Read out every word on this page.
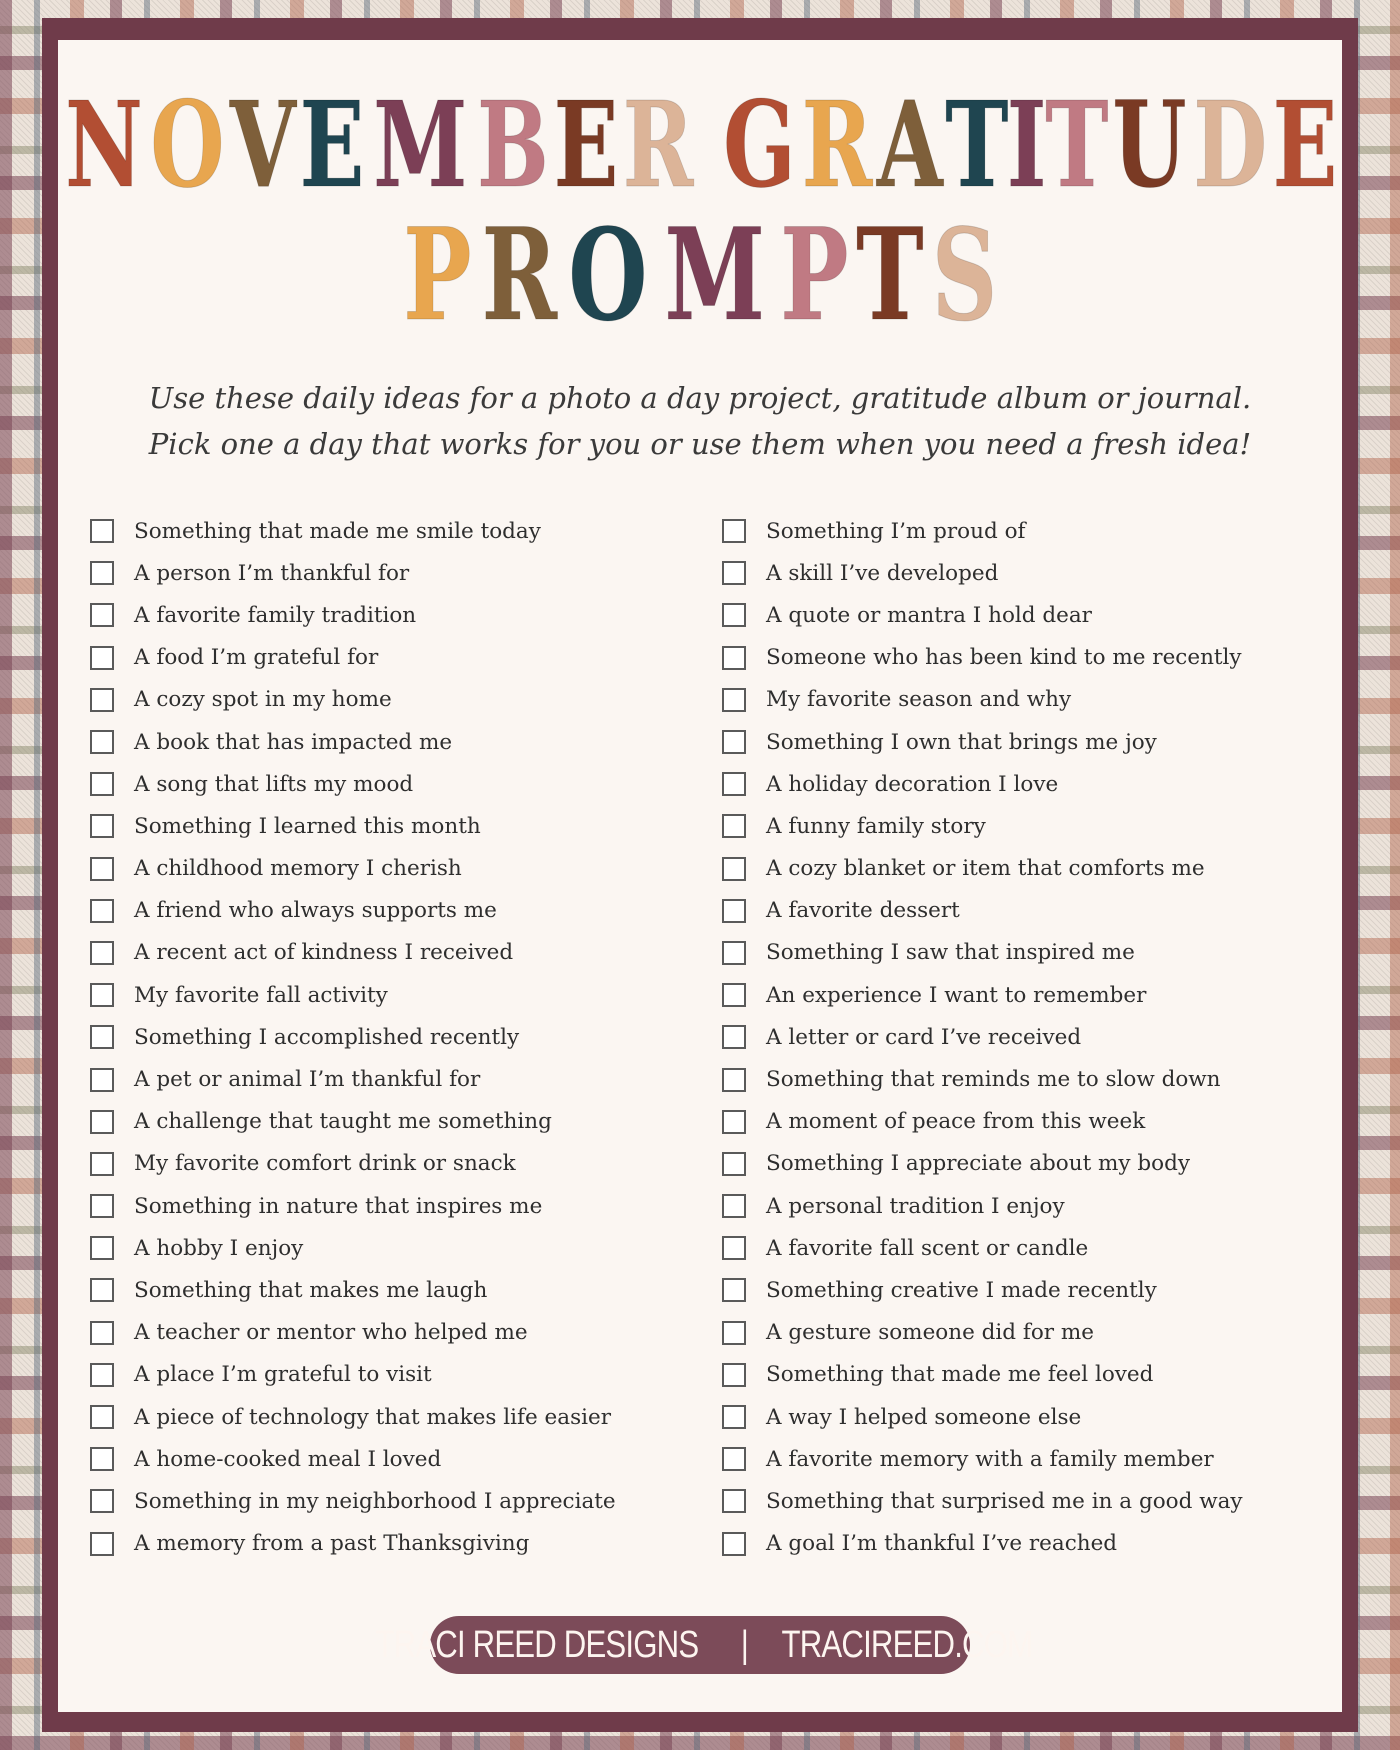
NOVEMBER GRATITUDE
PRO M PTS
Use these daily ideas for a photo a day project, gratitude album or journal. Pick one a day that works for you or use them when you need a fresh idea!
Something that made me smile today
A person I’m thankful for
A favorite family tradition
A food I’m grateful for
A cozy spot in my home
A book that has impacted me
A song that lifts my mood
Something I learned this month
A childhood memory I cherish
A friend who always supports me
A recent act of kindness I received
My favorite fall activity
Something I accomplished recently
A pet or animal I’m thankful for
A challenge that taught me something
My favorite comfort drink or snack
Something in nature that inspires me
A hobby I enjoy
Something that makes me laugh
A teacher or mentor who helped me
A place I’m grateful to visit
A piece of technology that makes life easier
A home-cooked meal I loved
Something in my neighborhood I appreciate
A memory from a past Thanksgiving
Something I’m proud of
A skill I’ve developed
A quote or mantra I hold dear
Someone who has been kind to me recently
My favorite season and why
Something I own that brings me joy
A holiday decoration I love
A funny family story
A cozy blanket or item that comforts me
A favorite dessert
Something I saw that inspired me
An experience I want to remember
A letter or card I’ve received
Something that reminds me to slow down
A moment of peace from this week
Something I appreciate about my body
A personal tradition I enjoy
A favorite fall scent or candle
Something creative I made recently
A gesture someone did for me
Something that made me feel loved
A way I helped someone else
A favorite memory with a family member
Something that surprised me in a good way
A goal I’m thankful I’ve reached
TRACI REED DESIGNS | TRACIREED.COM
